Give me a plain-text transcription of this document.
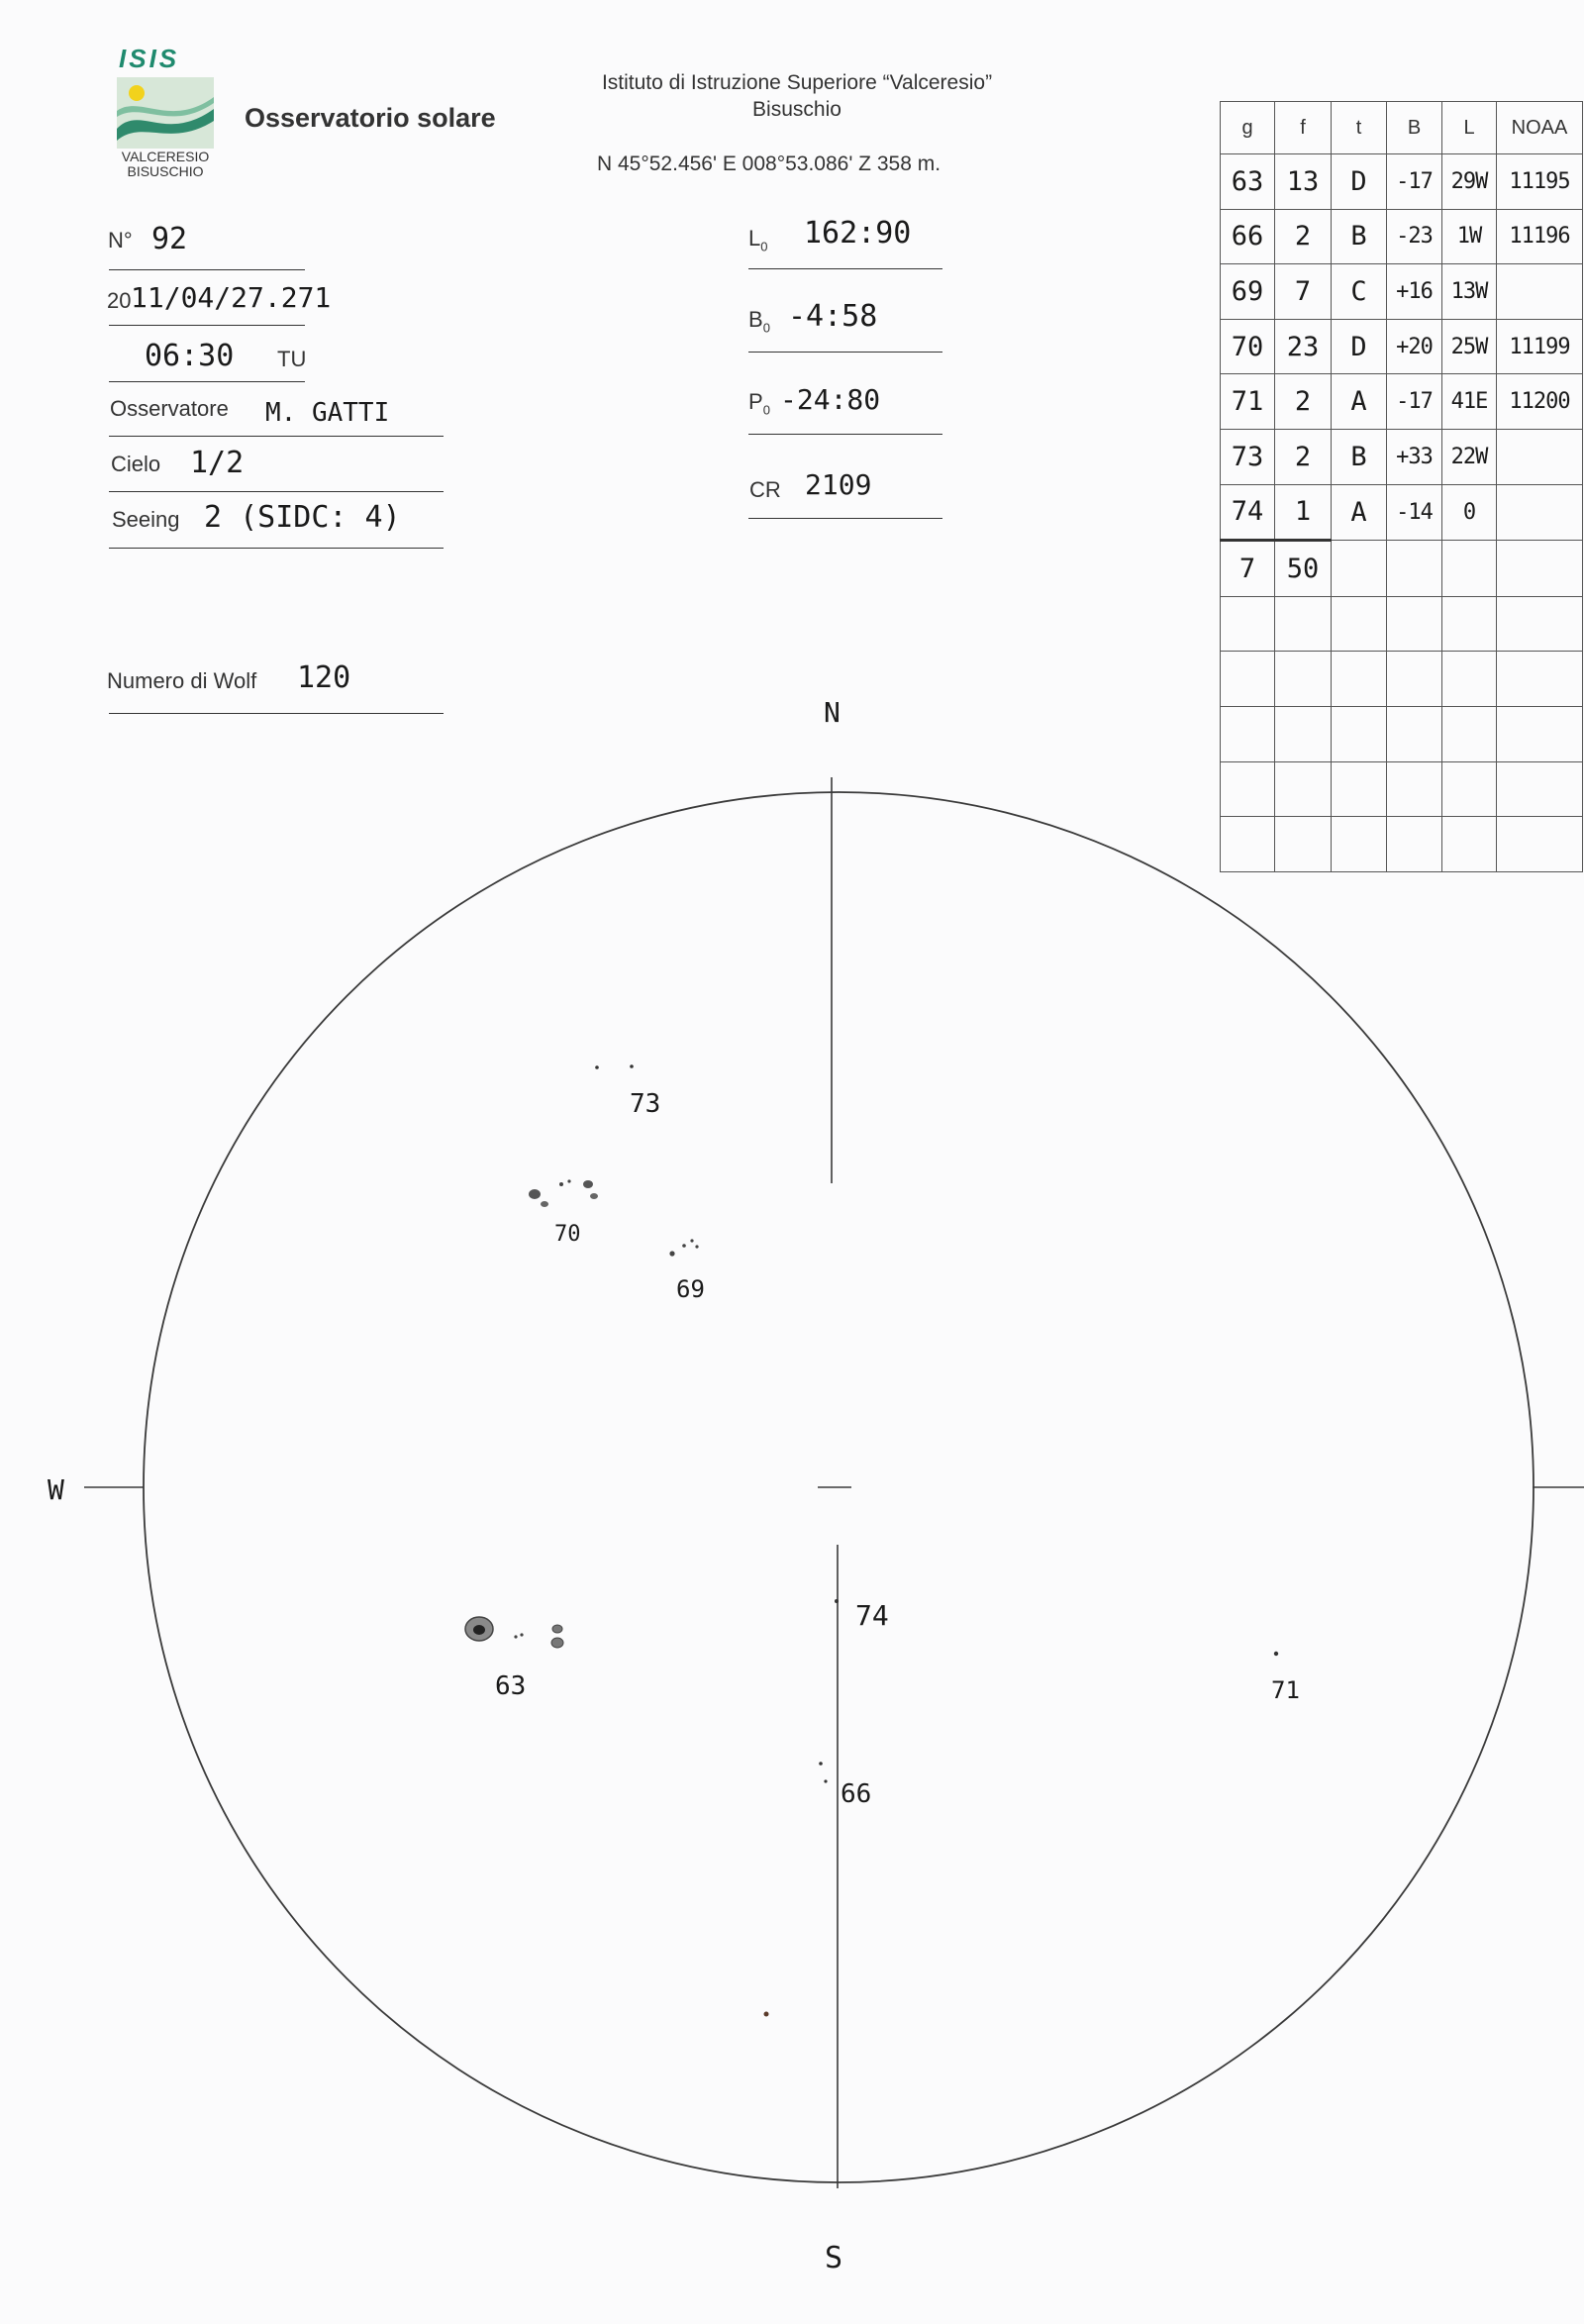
ISIS
VALCERESIO
BISUSCHIO
Osservatorio solare
Istituto di Istruzione Superiore “Valceresio”
Bisuschio
N 45°52.456' E 008°53.086' Z 358 m.
N° 92
20 11/04/27.271
06:30 TU
Osservatore M. GATTI
Cielo 1/2
Seeing 2 (SIDC: 4)
Numero di Wolf 120
$L_0$ 162:90
$B_0$ -4:58
$P_0$ -24:80
CR 2109
g	f	t	B	L	NOAA
63	13	D	-17	29W	11195
66	2	B	-23	1W	11196
69	7	C	+16	13W	
70	23	D	+20	25W	11199
71	2	A	-17	41E	11200
73	2	B	+33	22W	
74	1	A	-14	0	
7	50				

N
S
W
73
70
69
74
63	71
66
